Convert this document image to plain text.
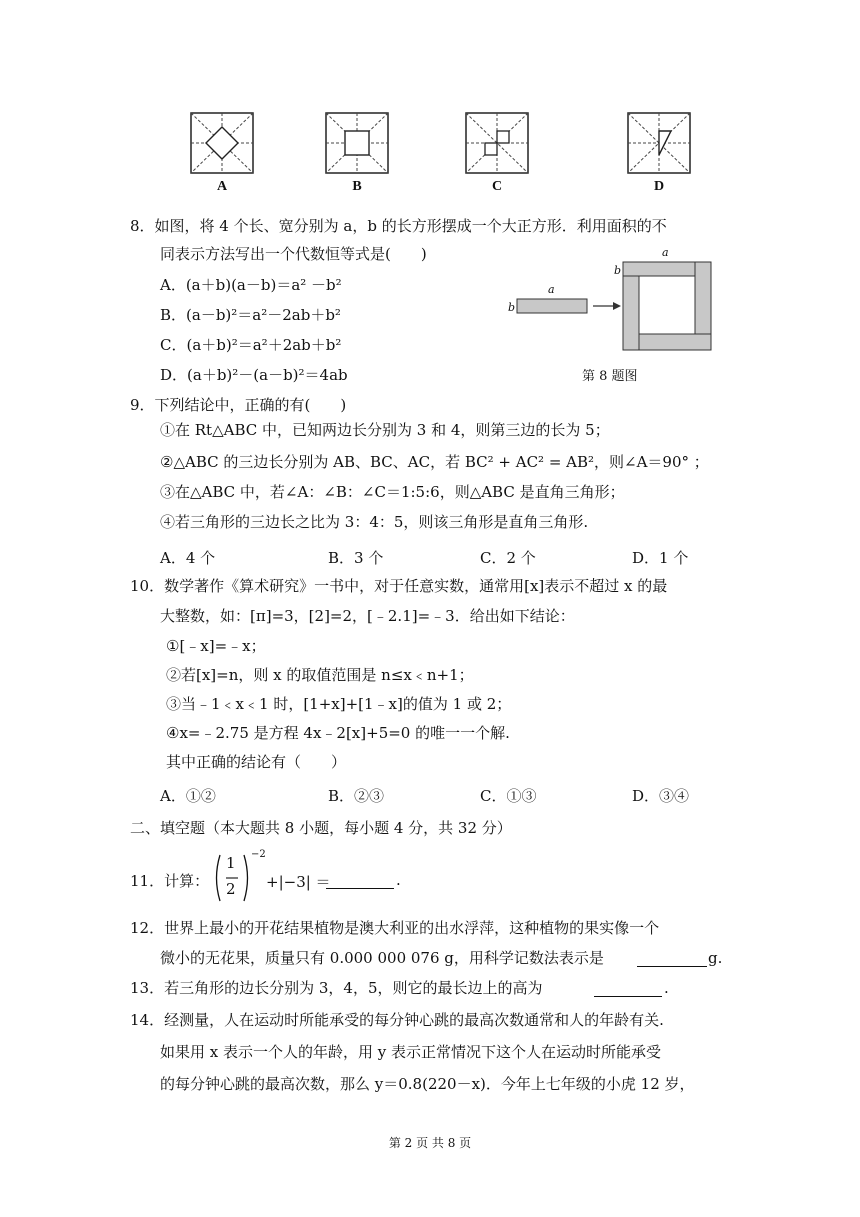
A	B	C	D
8．如图，将 4 个长、宽分别为 a，b 的长方形摆成一个大正方形．利用面积的不
同表示方法写出一个代数恒等式是(　　)
A．(a＋b)(a－b)＝a² －b²
B．(a－b)²＝a²－2ab＋b²
C．(a＋b)²＝a²＋2ab＋b²
D．(a＋b)²－(a－b)²＝4ab
a
b
a
b
第 8 题图
9．下列结论中，正确的有(　　)
①在 Rt△ABC 中，已知两边长分别为 3 和 4，则第三边的长为 5；
②△ABC 的三边长分别为 AB、BC、AC，若 BC² + AC² = AB²，则∠A＝90° ；
③在△ABC 中，若∠A：∠B：∠C＝1:5:6，则△ABC 是直角三角形；
④若三角形的三边长之比为 3：4：5，则该三角形是直角三角形.
A．4 个	B．3 个	C．2 个	D．1 个
10．数学著作《算术研究》一书中，对于任意实数，通常用[x]表示不超过 x 的最
大整数，如：[π]=3，[2]=2，[﹣2.1]=﹣3．给出如下结论：
①[﹣x]=﹣x；
②若[x]=n，则 x 的取值范围是 n≤x﹤n+1；
③当﹣1﹤x﹤1 时，[1+x]+[1﹣x]的值为 1 或 2；
④x=﹣2.75 是方程 4x﹣2[x]+5=0 的唯一一个解.
其中正确的结论有（　　）
A．①②	B．②③	C．①③	D．③④
二、填空题（本大题共 8 小题，每小题 4 分，共 32 分）
11．计算：
1
2
−2
+|−3| ＝	.
12．世界上最小的开花结果植物是澳大利亚的出水浮萍，这种植物的果实像一个
微小的无花果，质量只有 0.000 000 076 g，用科学记数法表示是	g.
13．若三角形的边长分别为 3，4，5，则它的最长边上的高为	.
14．经测量，人在运动时所能承受的每分钟心跳的最高次数通常和人的年龄有关.
如果用 x 表示一个人的年龄，用 y 表示正常情况下这个人在运动时所能承受
的每分钟心跳的最高次数，那么 y＝0.8(220－x)．今年上七年级的小虎 12 岁，
第 2 页 共 8 页
